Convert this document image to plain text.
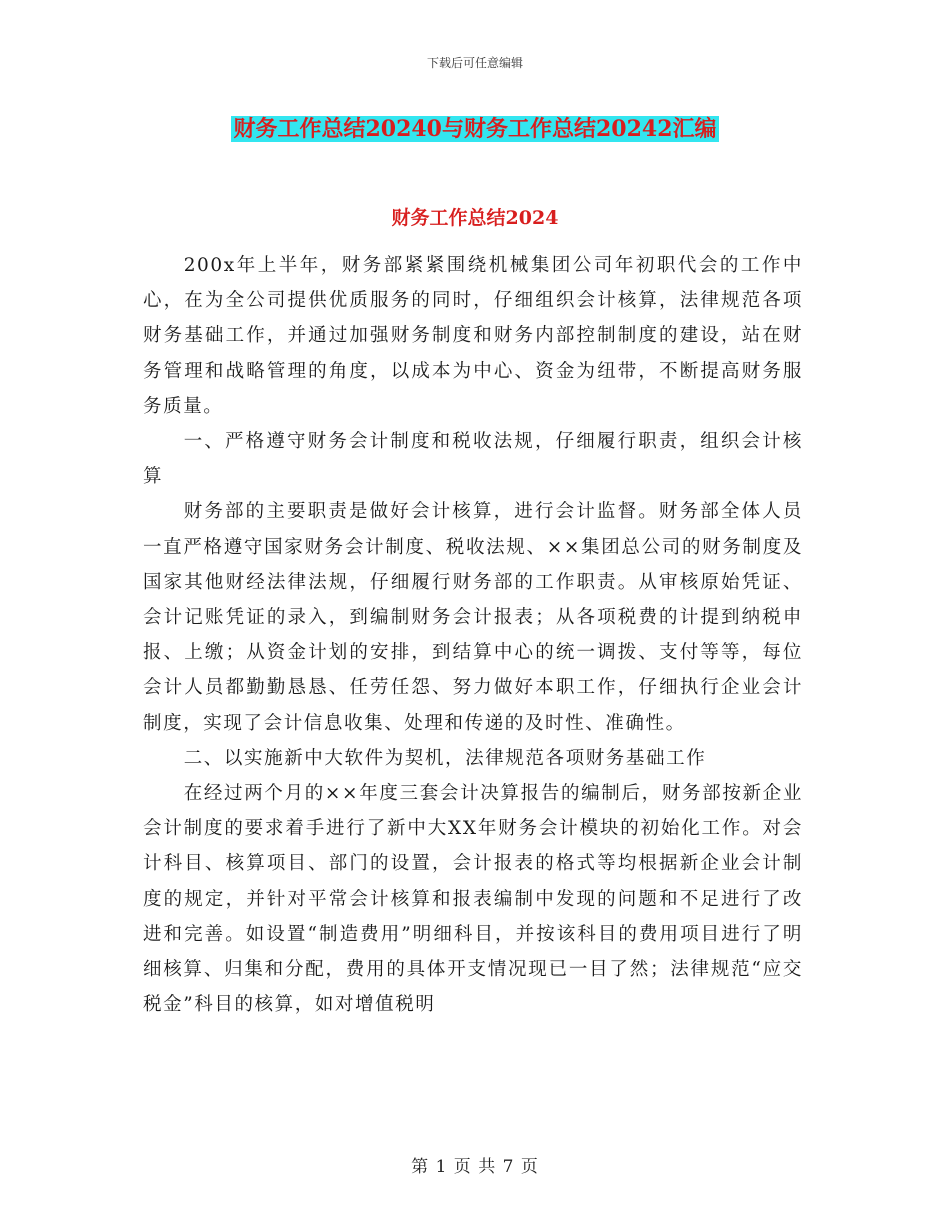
下载后可任意编辑
财务工作总结20240与财务工作总结20242汇编
财务工作总结2024

200x年上半年，财务部紧紧围绕机械集团公司年初职代会的工作中心，在为全公司提供优质服务的同时，仔细组织会计核算，法律规范各项财务基础工作，并通过加强财务制度和财务内部控制制度的建设，站在财务管理和战略管理的角度，以成本为中心、资金为纽带，不断提高财务服务质量。

一、严格遵守财务会计制度和税收法规，仔细履行职责，组织会计核算

财务部的主要职责是做好会计核算，进行会计监督。财务部全体人员一直严格遵守国家财务会计制度、税收法规、××集团总公司的财务制度及国家其他财经法律法规，仔细履行财务部的工作职责。从审核原始凭证、会计记账凭证的录入，到编制财务会计报表；从各项税费的计提到纳税申报、上缴；从资金计划的安排，到结算中心的统一调拨、支付等等，每位会计人员都勤勤恳恳、任劳任怨、努力做好本职工作，仔细执行企业会计制度，实现了会计信息收集、处理和传递的及时性、准确性。

二、以实施新中大软件为契机，法律规范各项财务基础工作

在经过两个月的××年度三套会计决算报告的编制后，财务部按新企业会计制度的要求着手进行了新中大XX年财务会计模块的初始化工作。对会计科目、核算项目、部门的设置，会计报表的格式等均根据新企业会计制度的规定，并针对平常会计核算和报表编制中发现的问题和不足进行了改进和完善。如设置“制造费用”明细科目，并按该科目的费用项目进行了明细核算、归集和分配，费用的具体开支情况现已一目了然；法律规范“应交税金”科目的核算，如对增值税明

第 1 页 共 7 页
